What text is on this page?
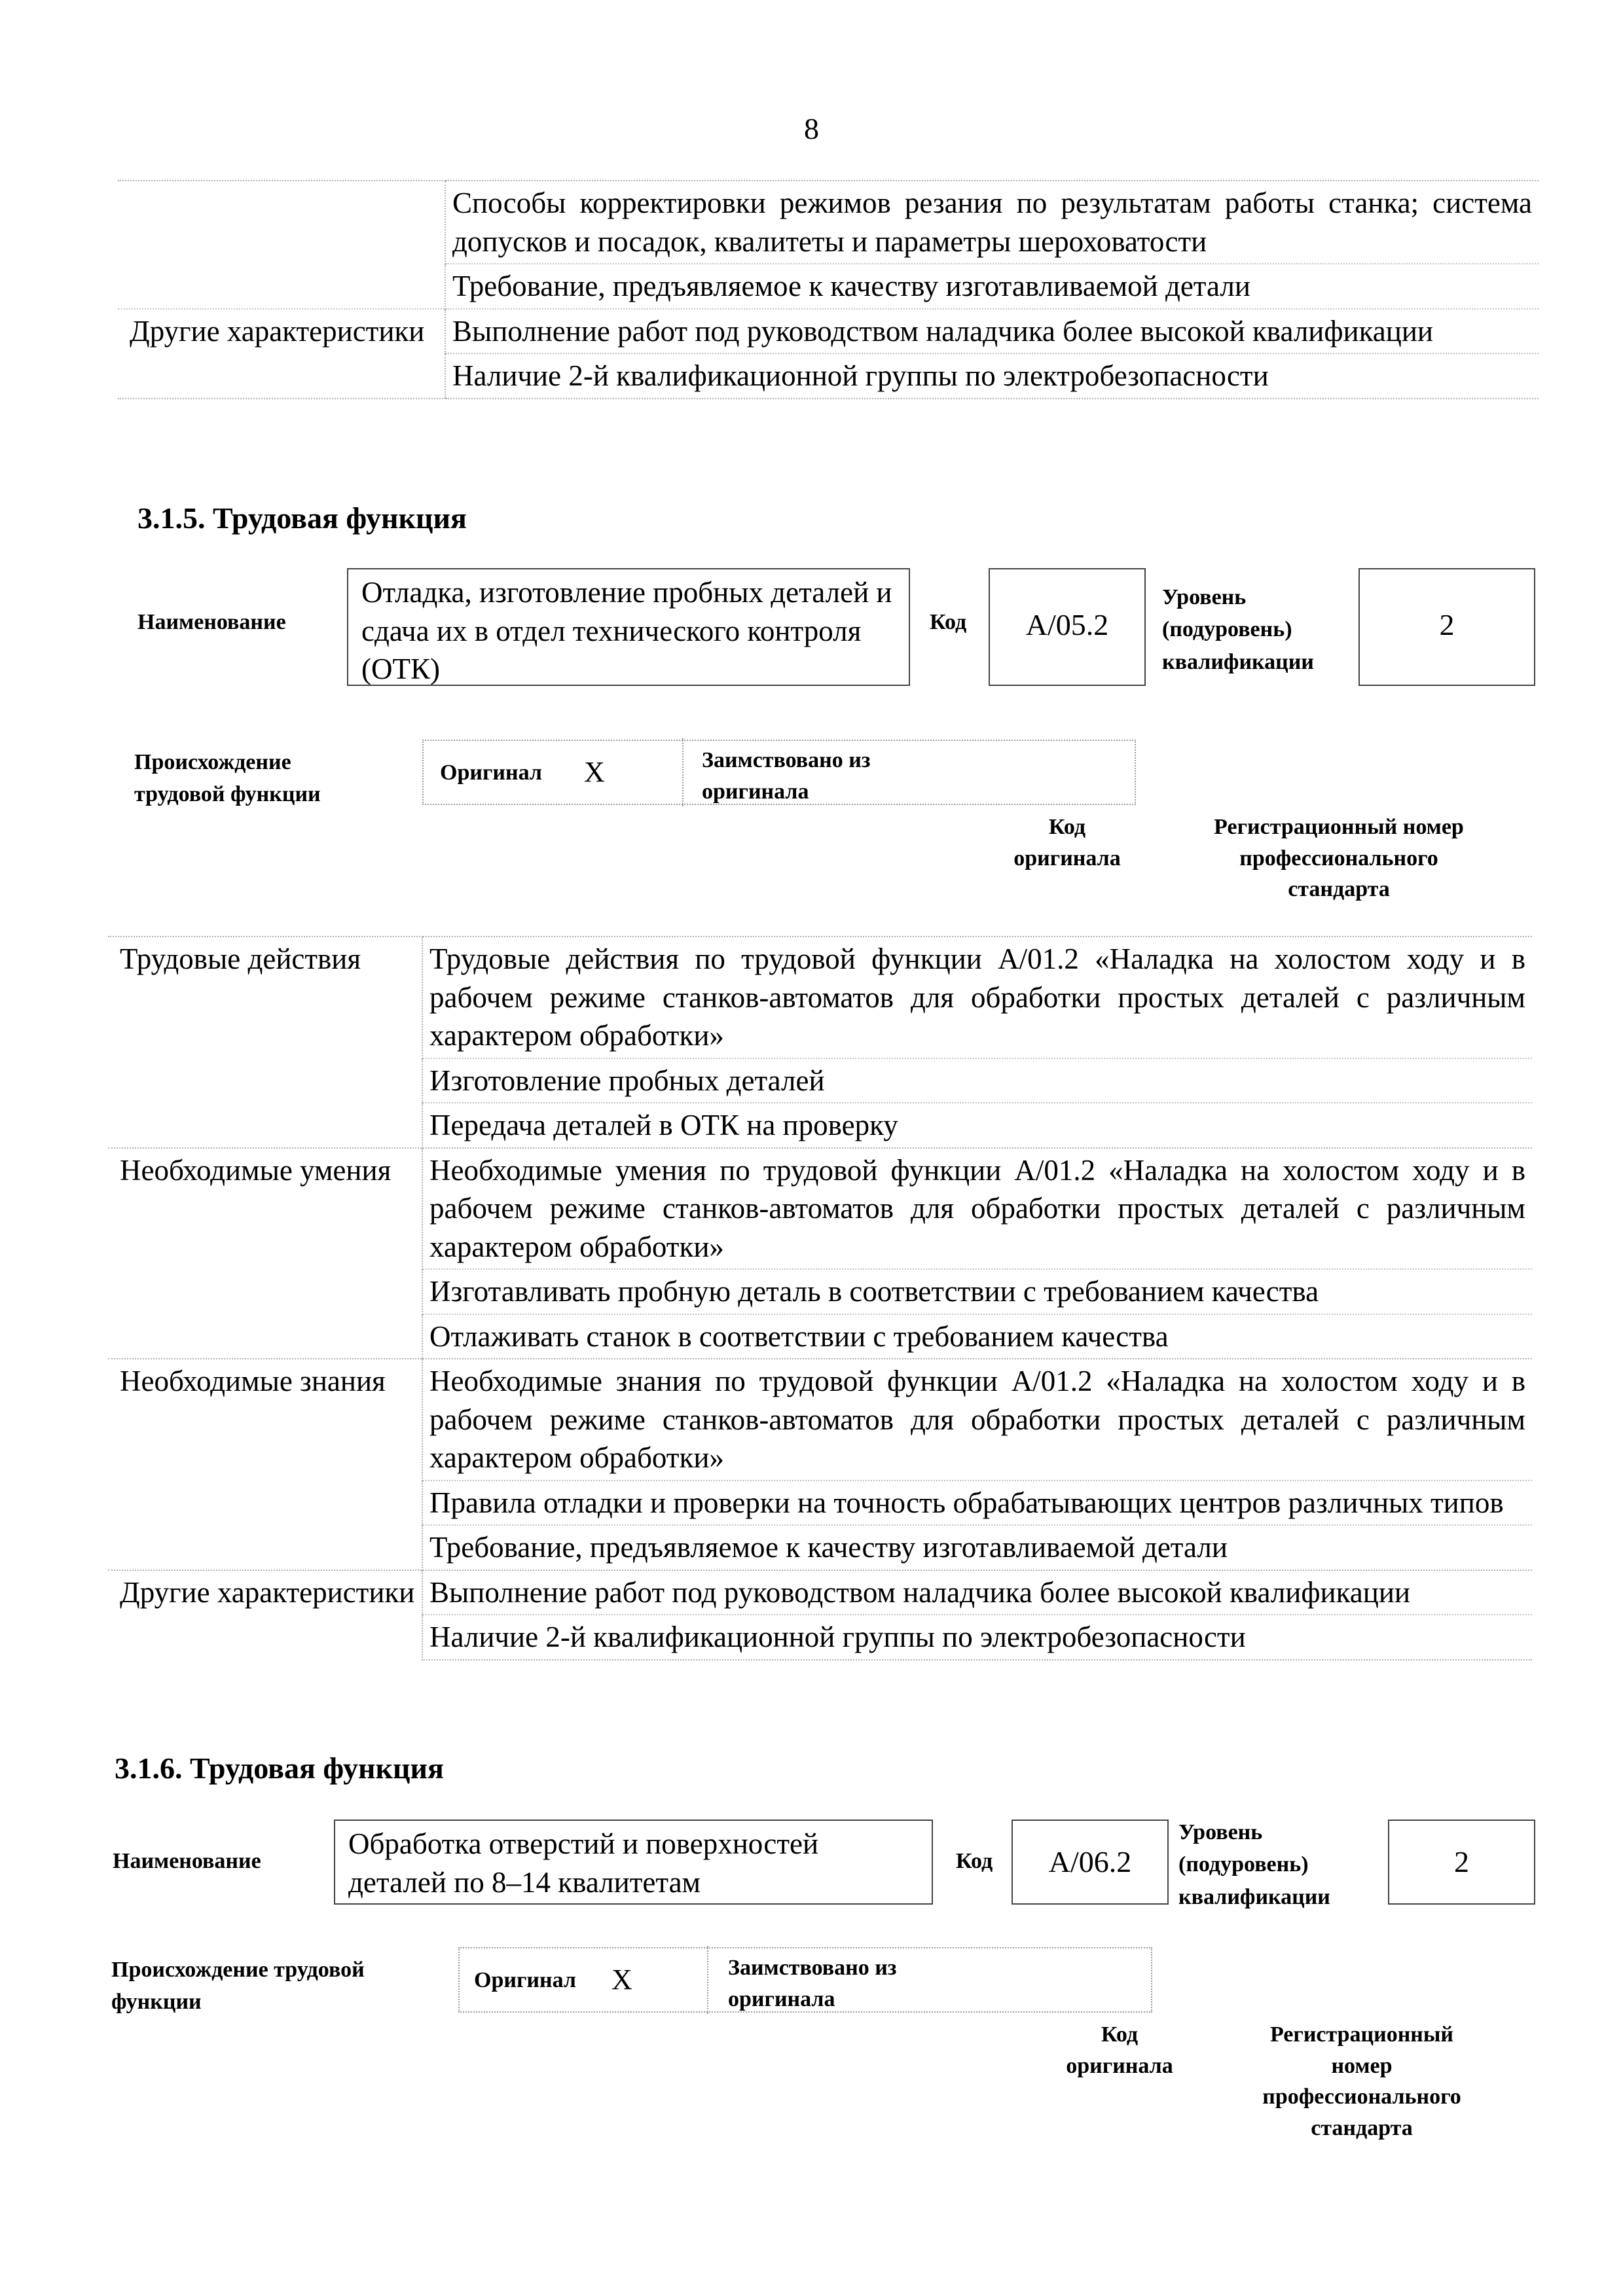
8
	Способы корректировки режимов резания по результатам работы станка; система допусков и посадок, квалитеты и параметры шероховатости
	Требование, предъявляемое к качеству изготавливаемой детали
Другие характеристики	Выполнение работ под руководством наладчика более высокой квалификации
	Наличие 2-й квалификационной группы по электробезопасности
3.1.5. Трудовая функция
Наименование
Отладка, изготовление пробных деталей и сдача их в отдел технического контроля (ОТК)
Код	A/05.2
Уровень (подуровень) квалификации
2
Происхождение трудовой функции
Оригинал X	Заимствовано из оригинала
Код оригинала
Регистрационный номер профессионального стандарта
Трудовые действия	Трудовые действия по трудовой функции A/01.2 «Наладка на холостом ходу и в рабочем режиме станков-автоматов для обработки простых деталей с различным характером обработки»
	Изготовление пробных деталей
	Передача деталей в ОТК на проверку
Необходимые умения	Необходимые умения по трудовой функции A/01.2 «Наладка на холостом ходу и в рабочем режиме станков-автоматов для обработки простых деталей с различным характером обработки»
	Изготавливать пробную деталь в соответствии с требованием качества
	Отлаживать станок в соответствии с требованием качества
Необходимые знания	Необходимые знания по трудовой функции A/01.2 «Наладка на холостом ходу и в рабочем режиме станков-автоматов для обработки простых деталей с различным характером обработки»
	Правила отладки и проверки на точность обрабатывающих центров различных типов
	Требование, предъявляемое к качеству изготавливаемой детали
Другие характеристики	Выполнение работ под руководством наладчика более высокой квалификации
	Наличие 2-й квалификационной группы по электробезопасности
3.1.6. Трудовая функция
Наименование
Обработка отверстий и поверхностей деталей по 8–14 квалитетам
Код	A/06.2
Уровень (подуровень) квалификации
2
Происхождение трудовой функции
Оригинал X	Заимствовано из оригинала
Код оригинала
Регистрационный номер профессионального стандарта
